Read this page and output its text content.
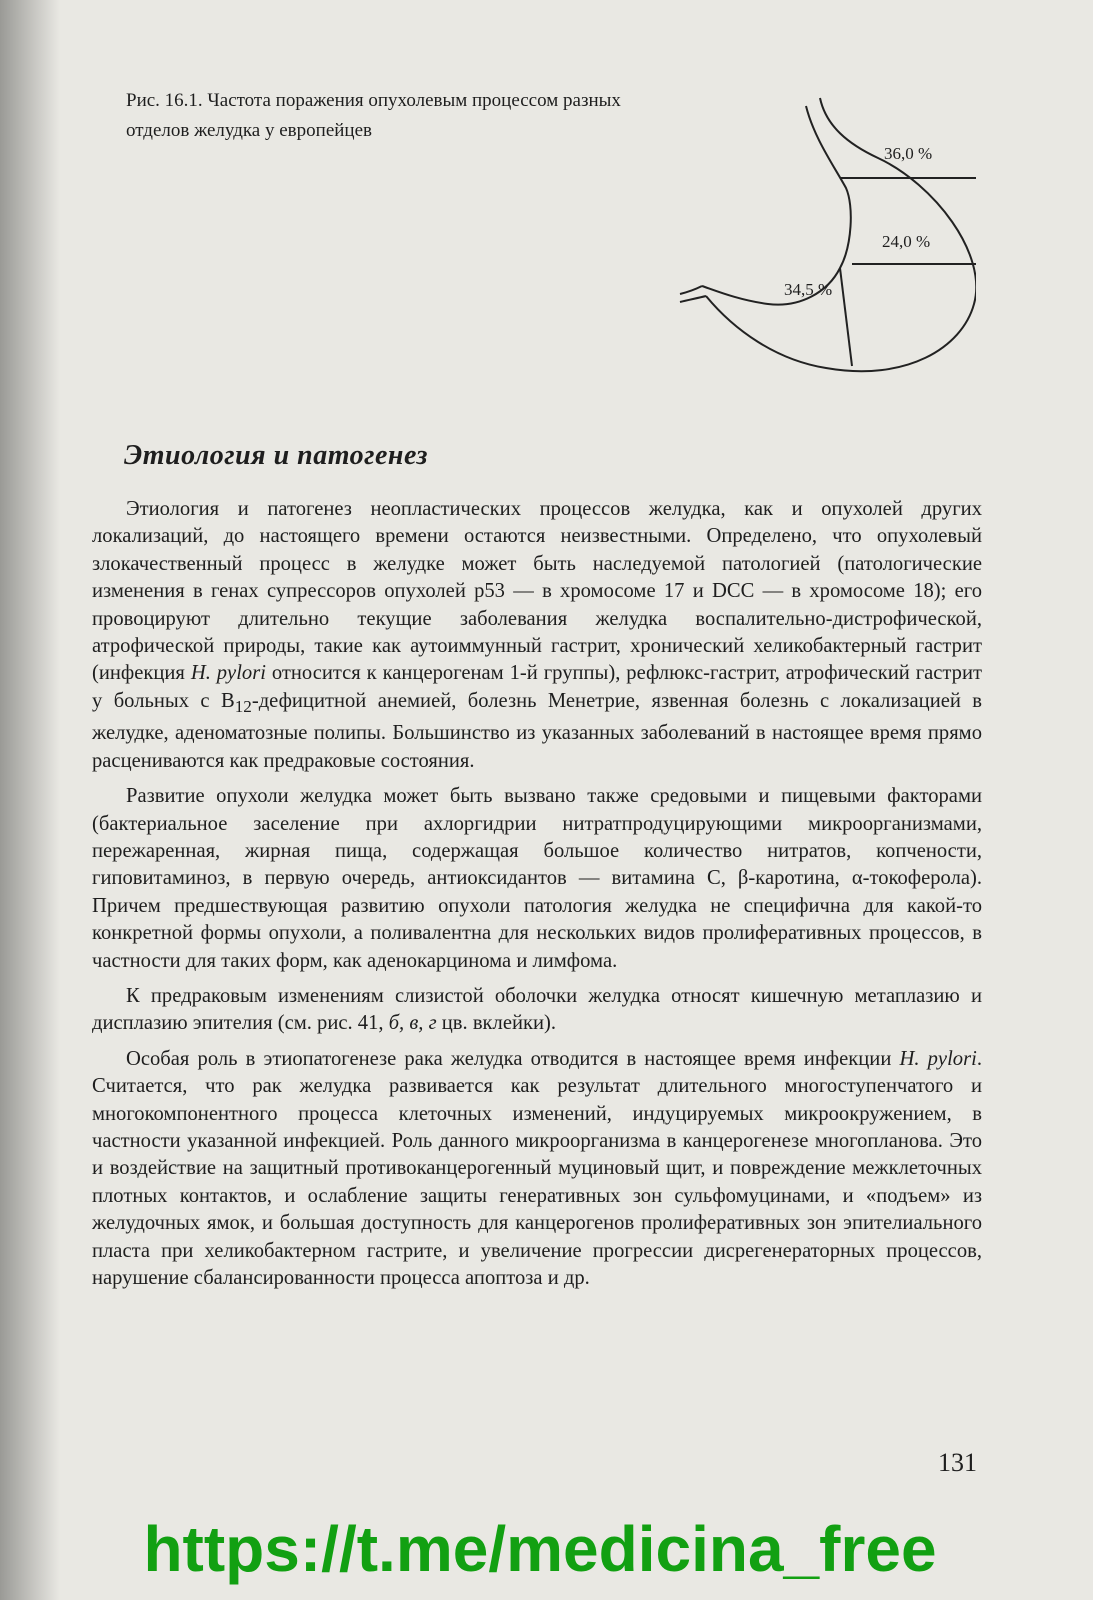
Рис. 16.1. Частота поражения опухолевым процессом разных отделов желудка у европейцев

36,0 %
24,0 %
34,5 %
Этиология и патогенез

Этиология и патогенез неопластических процессов желудка, как и опухолей других локализаций, до настоящего времени остаются неизвестными. Определено, что опухолевый злокачественный процесс в желудке может быть наследуемой патологией (патологические изменения в генах супрессоров опухолей p53 — в хромосоме 17 и DCC — в хромосоме 18); его провоцируют длительно текущие заболевания желудка воспалительно-дистрофической, атрофической природы, такие как аутоиммунный гастрит, хронический хеликобактерный гастрит (инфекция H. pylori относится к канцерогенам 1-й группы), рефлюкс-гастрит, атрофический гастрит у больных с $B_{12}$-дефицитной анемией, болезнь Менетрие, язвенная болезнь с локализацией в желудке, аденоматозные полипы. Большинство из указанных заболеваний в настоящее время прямо расцениваются как предраковые состояния.

Развитие опухоли желудка может быть вызвано также средовыми и пищевыми факторами (бактериальное заселение при ахлоргидрии нитратпродуцирующими микроорганизмами, пережаренная, жирная пища, содержащая большое количество нитратов, копчености, гиповитаминоз, в первую очередь, антиоксидантов — витамина С, β-каротина, α-токоферола). Причем предшествующая развитию опухоли патология желудка не специфична для какой-то конкретной формы опухоли, а поливалентна для нескольких видов пролиферативных процессов, в частности для таких форм, как аденокарцинома и лимфома.

К предраковым изменениям слизистой оболочки желудка относят кишечную метаплазию и дисплазию эпителия (см. рис. 41, б, в, г цв. вклейки).

Особая роль в этиопатогенезе рака желудка отводится в настоящее время инфекции H. pylori. Считается, что рак желудка развивается как результат длительного многоступенчатого и многокомпонентного процесса клеточных изменений, индуцируемых микроокружением, в частности указанной инфекцией. Роль данного микроорганизма в канцерогенезе многопланова. Это и воздействие на защитный противоканцерогенный муциновый щит, и повреждение межклеточных плотных контактов, и ослабление защиты генеративных зон сульфомуцинами, и «подъем» из желудочных ямок, и большая доступность для канцерогенов пролиферативных зон эпителиального пласта при хеликобактерном гастрите, и увеличение прогрессии дисрегенераторных процессов, нарушение сбалансированности процесса апоптоза и др.

131

https://t.me/medicina_free
